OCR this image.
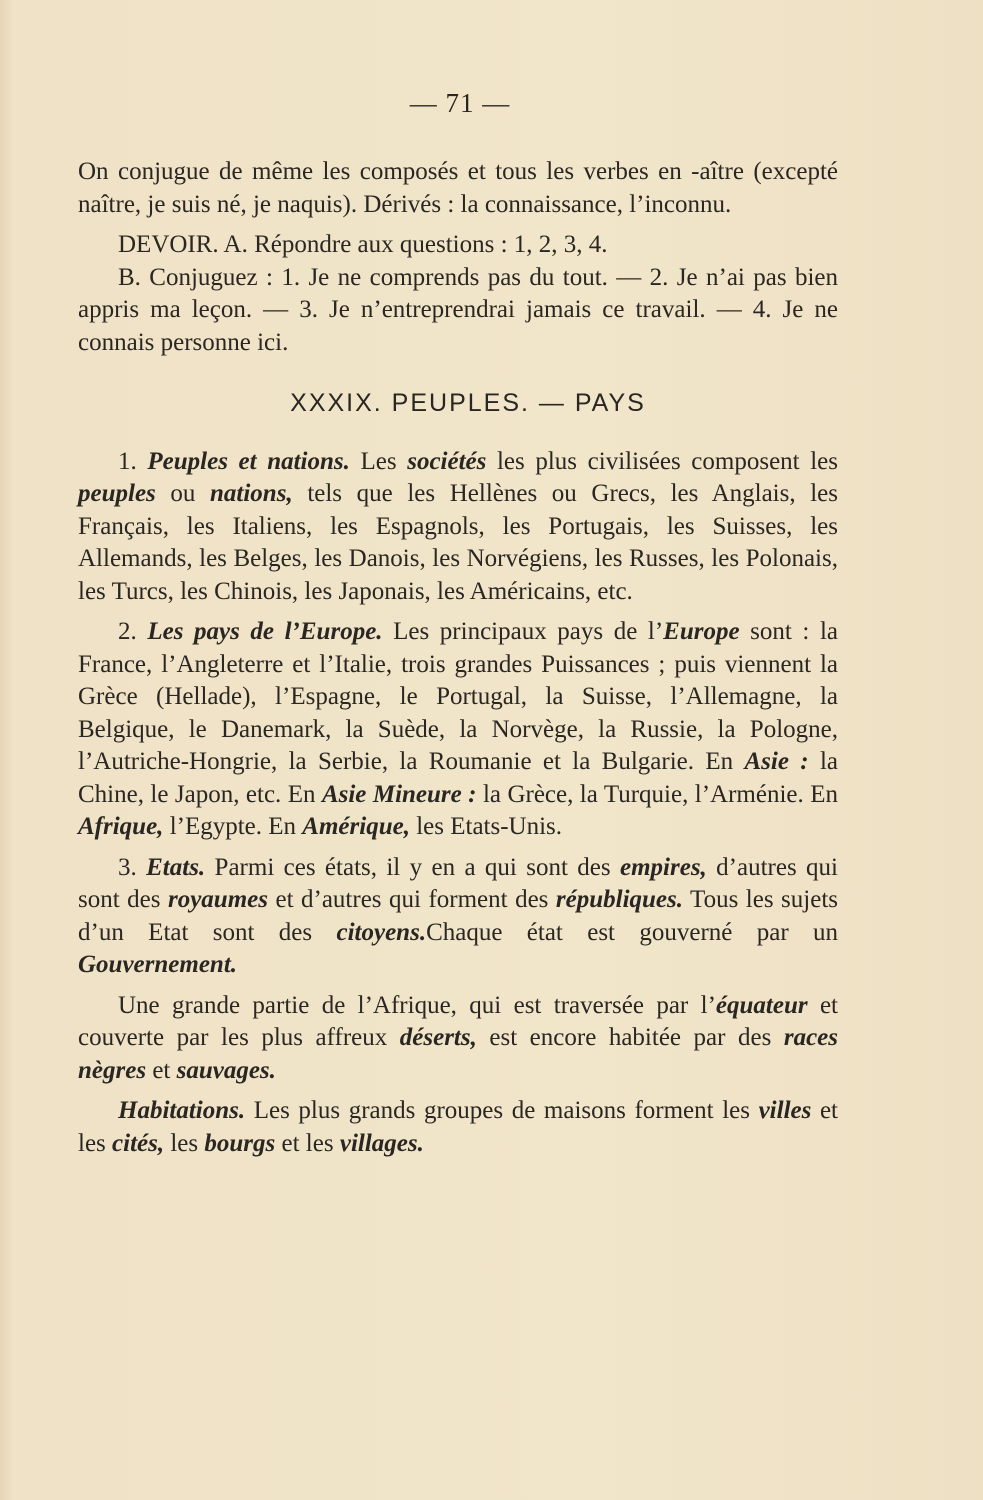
— 71 —

On conjugue de même les composés et tous les verbes en -aître (excepté naître, je suis né, je naquis). Dérivés : la connaissance, l’inconnu.

DEVOIR. A. Répondre aux questions : 1, 2, 3, 4.

B. Conjuguez : 1. Je ne comprends pas du tout. — 2. Je n’ai pas bien appris ma leçon. — 3. Je n’entreprendrai jamais ce travail. — 4. Je ne connais personne ici.

XXXIX. PEUPLES. — PAYS

1. Peuples et nations. Les sociétés les plus civilisées composent les peuples ou nations, tels que les Hellènes ou Grecs, les Anglais, les Français, les Italiens, les Espagnols, les Portugais, les Suisses, les Allemands, les Belges, les Danois, les Norvégiens, les Russes, les Polonais, les Turcs, les Chinois, les Japonais, les Américains, etc.

2. Les pays de l’Europe. Les principaux pays de l’Europe sont : la France, l’Angleterre et l’Italie, trois grandes Puissances ; puis viennent la Grèce (Hellade), l’Espagne, le Portugal, la Suisse, l’Allemagne, la Belgique, le Danemark, la Suède, la Norvège, la Russie, la Pologne, l’Autriche-Hongrie, la Serbie, la Roumanie et la Bulgarie. En Asie : la Chine, le Japon, etc. En Asie Mineure : la Grèce, la Turquie, l’Arménie. En Afrique, l’Egypte. En Amérique, les Etats-Unis.

3. Etats. Parmi ces états, il y en a qui sont des empires, d’autres qui sont des royaumes et d’autres qui forment des républiques. Tous les sujets d’un Etat sont des citoyens.Chaque état est gouverné par un Gouvernement.

Une grande partie de l’Afrique, qui est traversée par l’équateur et couverte par les plus affreux déserts, est encore habitée par des races nègres et sauvages.

Habitations. Les plus grands groupes de maisons forment les villes et les cités, les bourgs et les villages.
